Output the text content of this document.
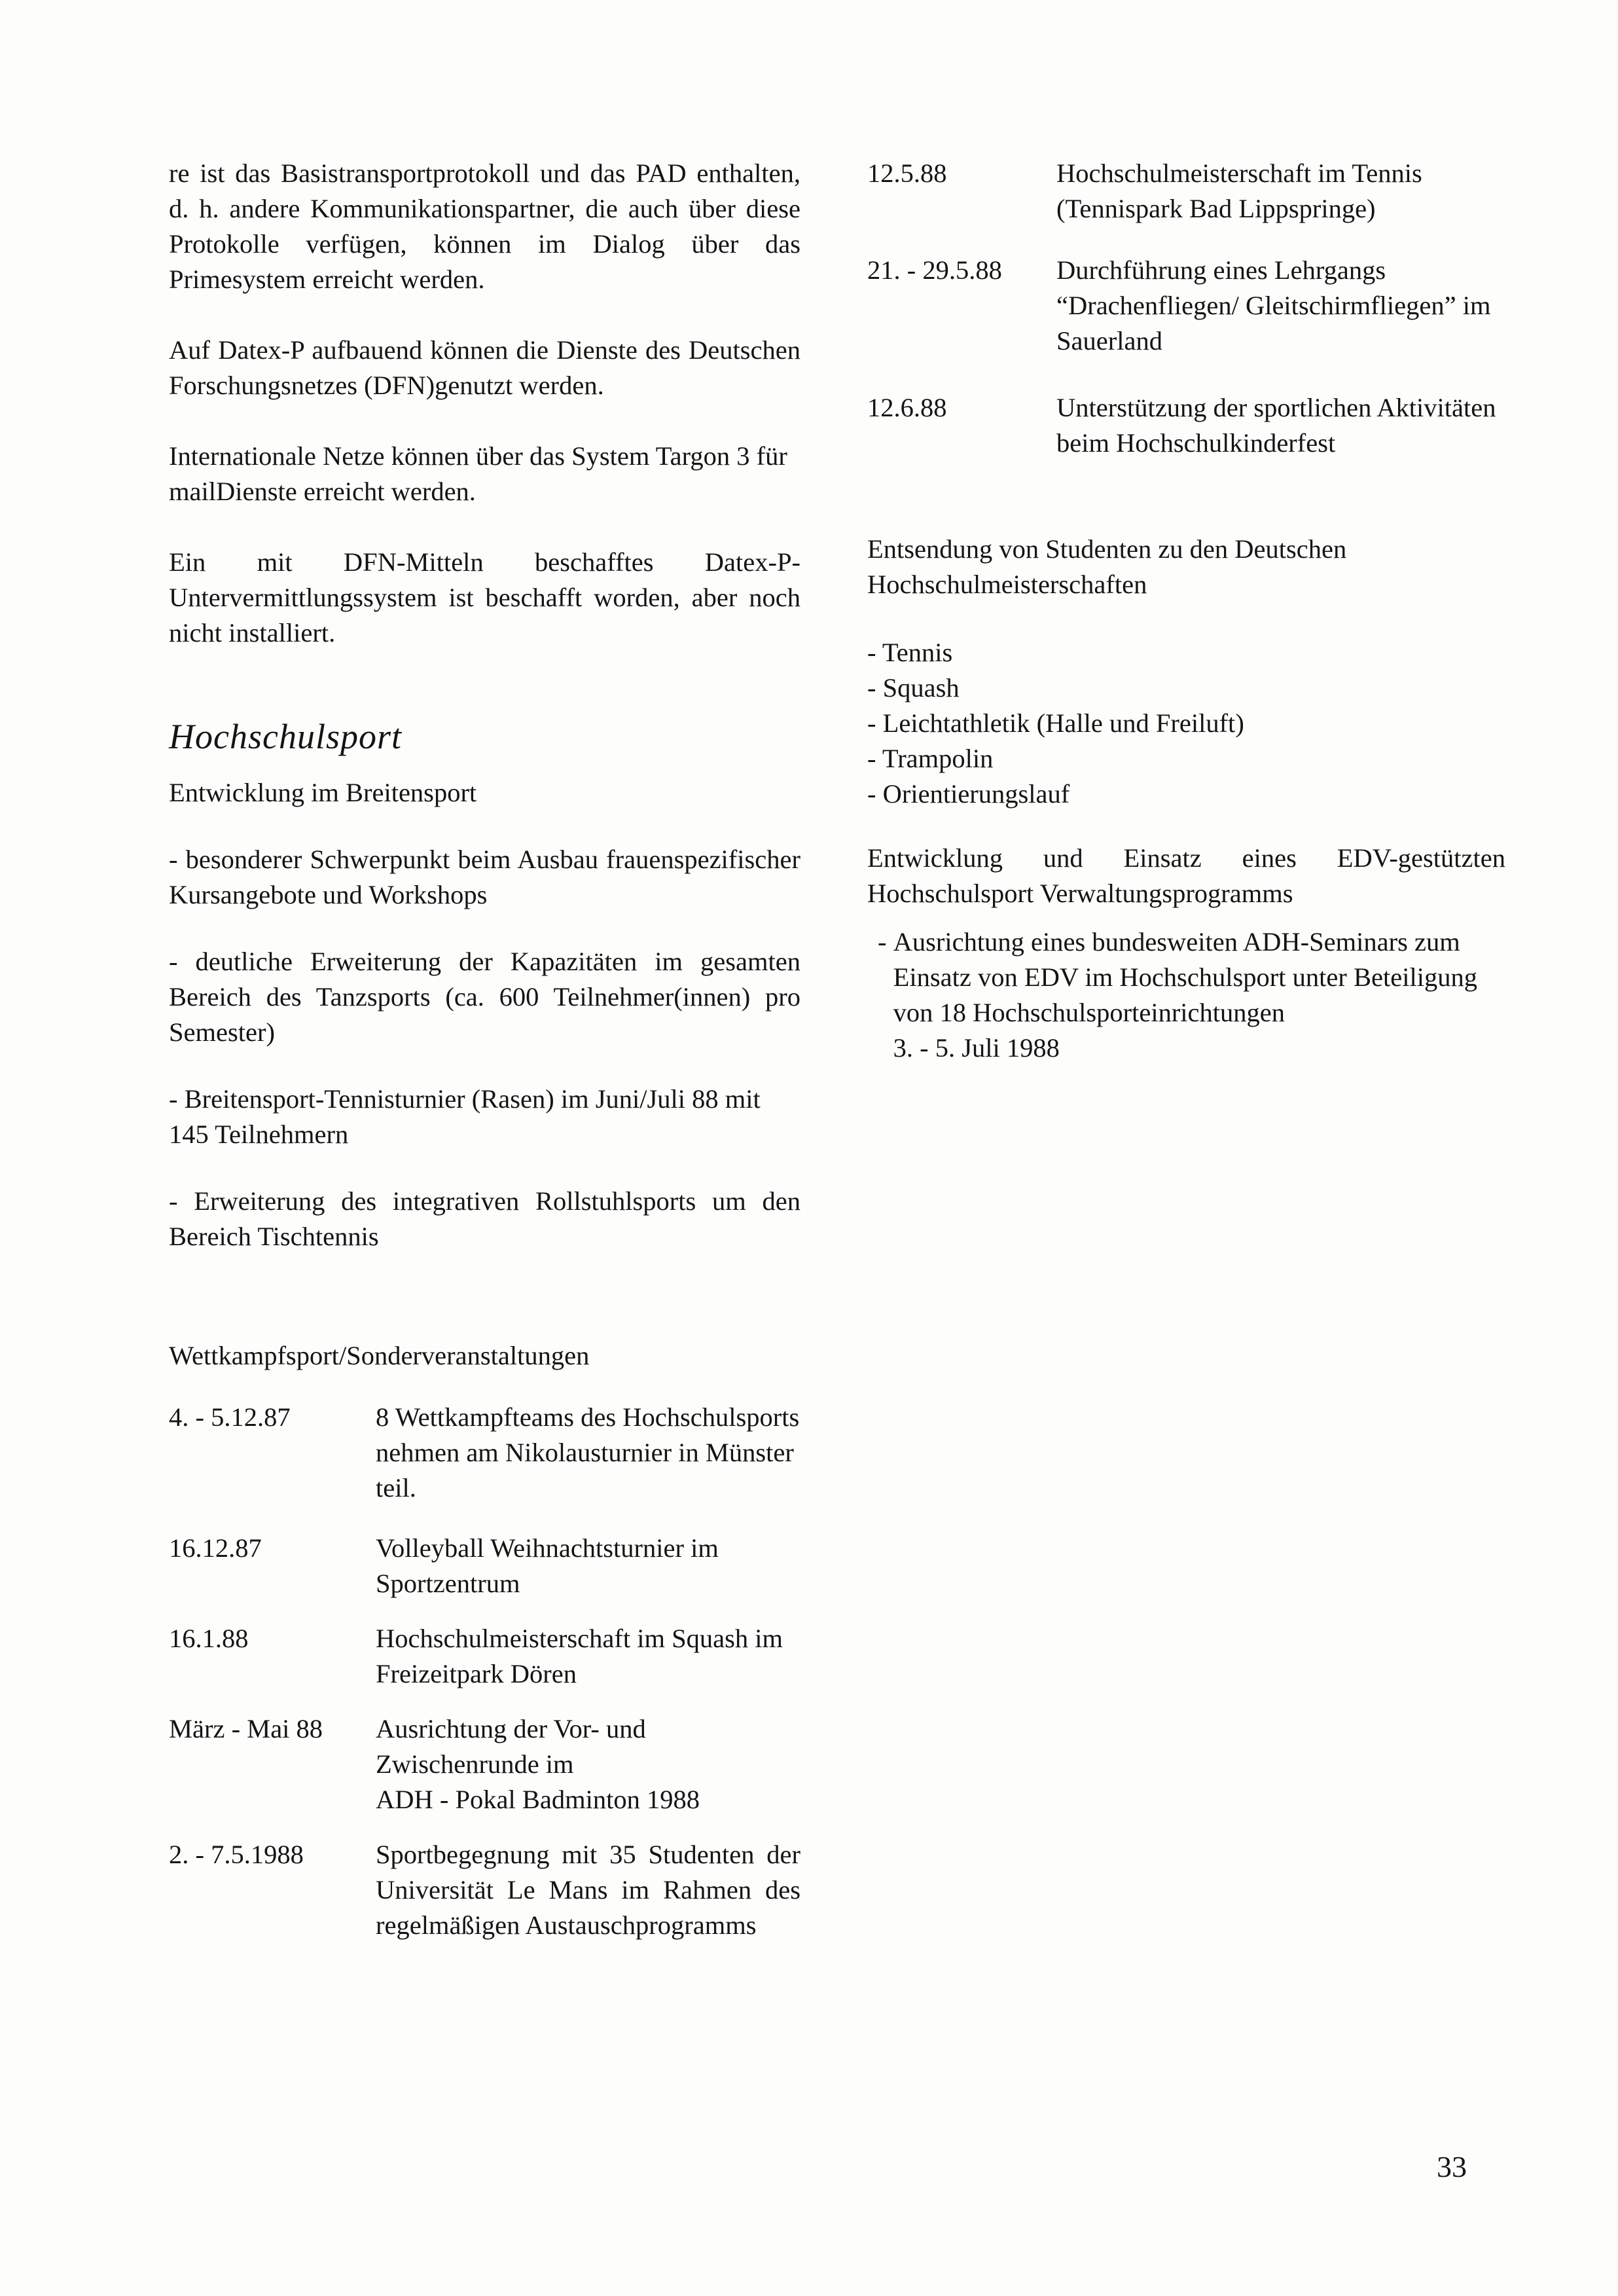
re ist das Basistransportprotokoll und das PAD enthalten, d. h. andere Kommunikationspartner, die auch über diese Protokolle verfügen, können im Dialog über das Primesystem erreicht werden.

Auf Datex-P aufbauend können die Dienste des Deutschen Forschungsnetzes (DFN)genutzt werden.

Internationale Netze können über das System Targon 3 für mailDienste erreicht werden.

Ein mit DFN-Mitteln beschafftes Datex-P-Untervermittlungssystem ist beschafft worden, aber noch nicht installiert.

Hochschulsport

Entwicklung im Breitensport

- besonderer Schwerpunkt beim Ausbau frauenspezifischer Kursangebote und Workshops

- deutliche Erweiterung der Kapazitäten im gesamten Bereich des Tanzsports (ca. 600 Teilnehmer(innen) pro Semester)

- Breitensport-Tennisturnier (Rasen) im Juni/Juli 88 mit 145 Teilnehmern

- Erweiterung des integrativen Rollstuhlsports um den Bereich Tischtennis

Wettkampfsport/Sonderveranstaltungen

4. - 5.12.87	8 Wettkampfteams des Hochschulsports nehmen am Nikolausturnier in Münster teil.
16.12.87	Volleyball Weihnachtsturnier im Sportzentrum
16.1.88	Hochschulmeisterschaft im Squash im Freizeitpark Dören
März - Mai 88	Ausrichtung der Vor- und Zwischenrunde im
ADH - Pokal Badminton 1988
2. - 7.5.1988	Sportbegegnung mit 35 Studenten der Universität Le Mans im Rahmen des regelmäßigen Austauschprogramms
12.5.88	Hochschulmeisterschaft im Tennis (Tennispark Bad Lippspringe)
21. - 29.5.88	Durchführung eines Lehrgangs “Drachenfliegen/ Gleitschirmfliegen” im Sauerland
12.6.88	Unterstützung der sportlichen Aktivitäten beim Hochschulkinderfest

Entsendung von Studenten zu den Deutschen Hochschulmeisterschaften

- Tennis
- Squash
- Leichtathletik (Halle und Freiluft)
- Trampolin
- Orientierungslauf

Entwicklung und Einsatz eines EDV-gestützten Hochschulsport Verwaltungsprogramms

- Ausrichtung eines bundesweiten ADH-Seminars zum Einsatz von EDV im Hochschulsport unter Beteiligung von 18 Hochschulsporteinrichtungen
3. - 5. Juli 1988
33
